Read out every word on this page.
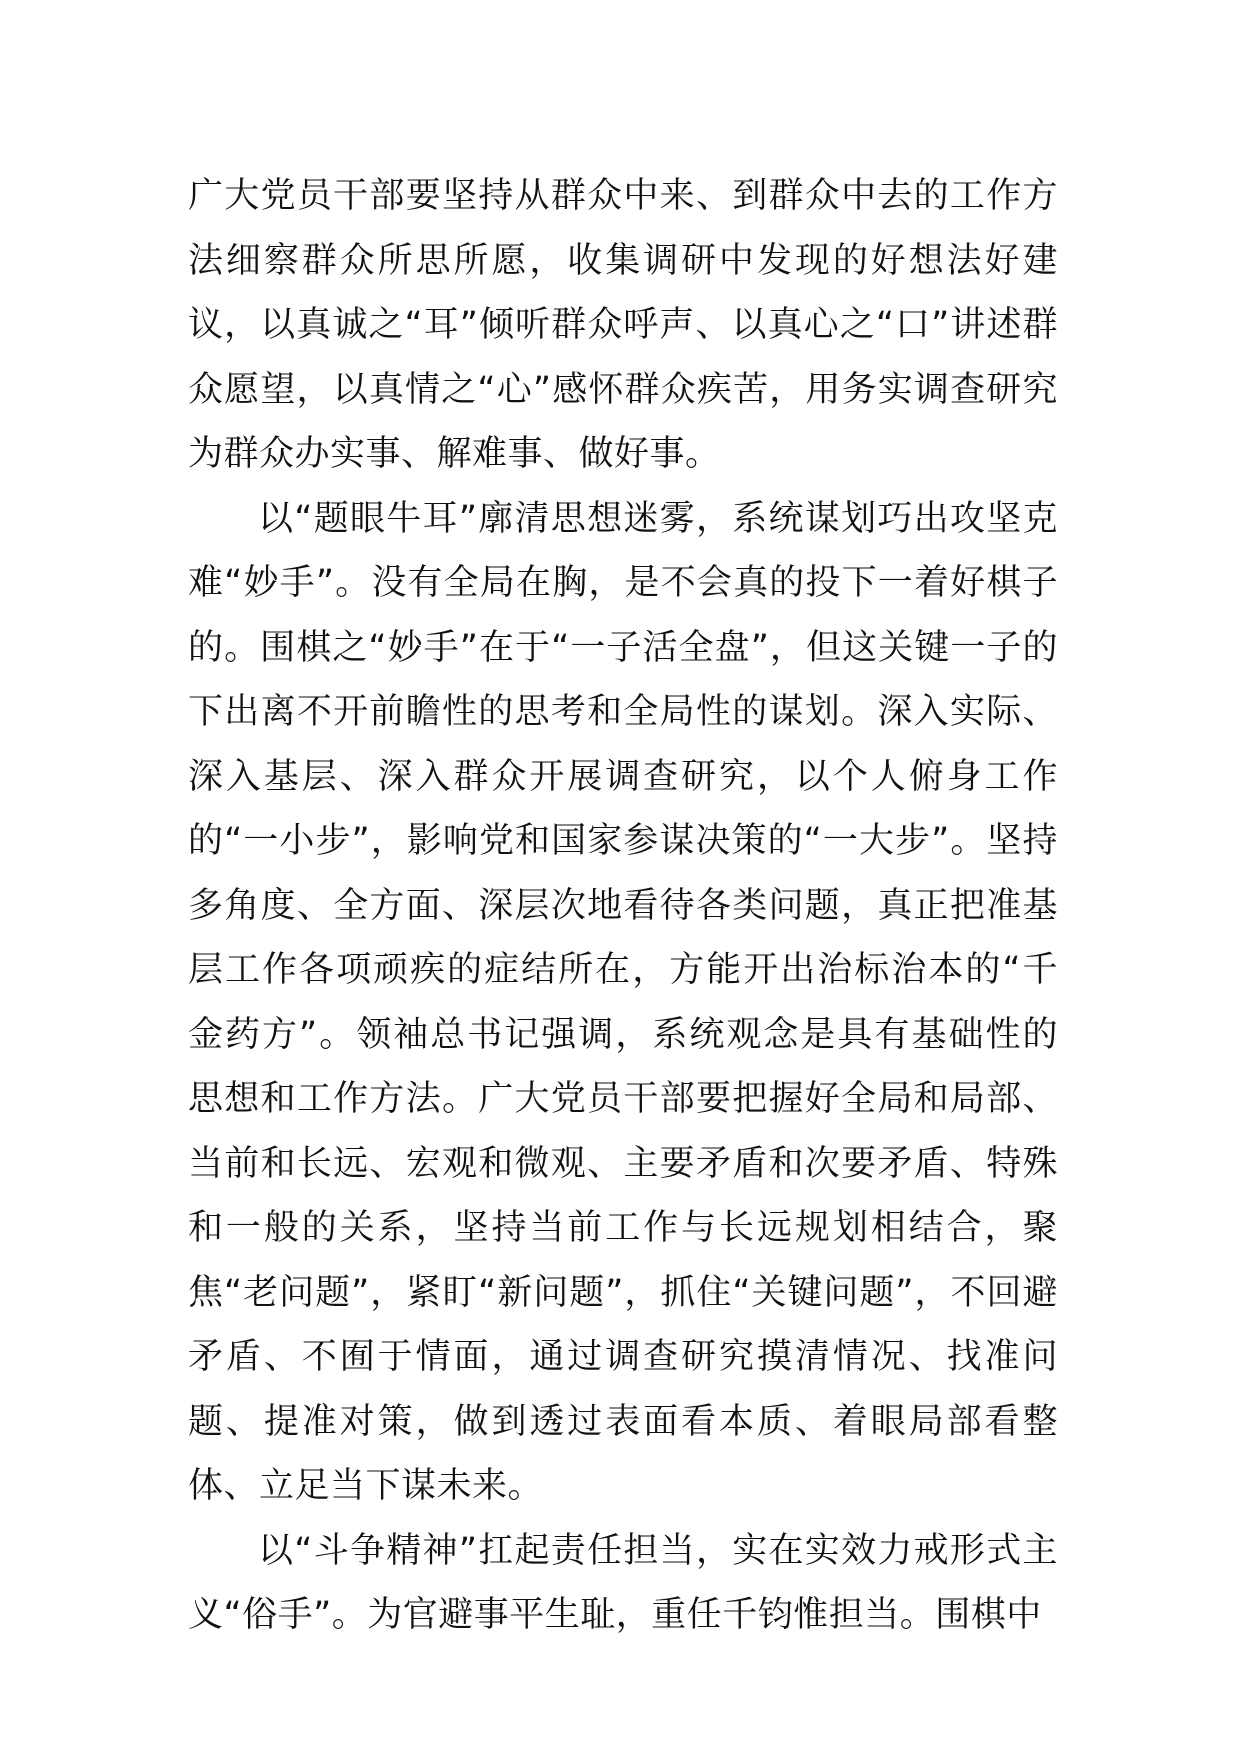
广大党员干部要坚持从群众中来、到群众中去的工作方法细察群众所思所愿，收集调研中发现的好想法好建议，以真诚之“耳”倾听群众呼声、以真心之“口”讲述群众愿望，以真情之“心”感怀群众疾苦，用务实调查研究为群众办实事、解难事、做好事。

以“题眼牛耳”廓清思想迷雾，系统谋划巧出攻坚克难“妙手”。没有全局在胸，是不会真的投下一着好棋子的。围棋之“妙手”在于“一子活全盘”，但这关键一子的下出离不开前瞻性的思考和全局性的谋划。深入实际、深入基层、深入群众开展调查研究，以个人俯身工作的“一小步”，影响党和国家参谋决策的“一大步”。坚持多角度、全方面、深层次地看待各类问题，真正把准基层工作各项顽疾的症结所在，方能开出治标治本的“千金药方”。领袖总书记强调，系统观念是具有基础性的思想和工作方法。广大党员干部要把握好全局和局部、当前和长远、宏观和微观、主要矛盾和次要矛盾、特殊和一般的关系，坚持当前工作与长远规划相结合，聚焦“老问题”，紧盯“新问题”，抓住“关键问题”，不回避矛盾、不囿于情面，通过调查研究摸清情况、找准问题、提准对策，做到透过表面看本质、着眼局部看整体、立足当下谋未来。

以“斗争精神”扛起责任担当，实在实效力戒形式主义“俗手”。为官避事平生耻，重任千钧惟担当。围棋中
